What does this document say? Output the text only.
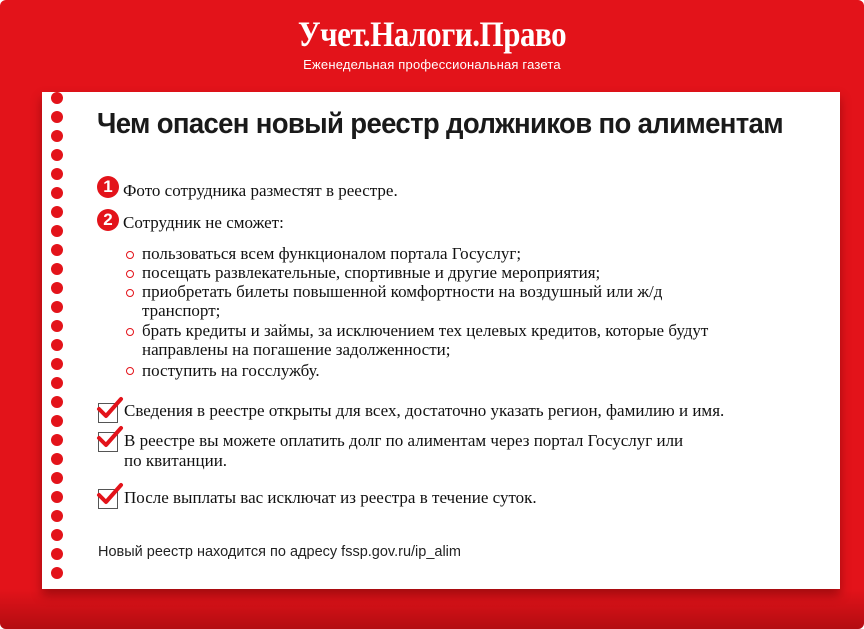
Учет.Налоги.Право
Еженедельная профессиональная газета
Чем опасен новый реестр должников по алиментам
1 Фото сотрудника разместят в реестре.
2 Сотрудник не сможет:
пользоваться всем функционалом портала Госуслуг;
посещать развлекательные, спортивные и другие мероприятия;
приобретать билеты повышенной комфортности на воздушный или ж/д
транспорт;
брать кредиты и займы, за исключением тех целевых кредитов, которые будут
направлены на погашение задолженности;
поступить на госслужбу.
Сведения в реестре открыты для всех, достаточно указать регион, фамилию и имя.
В реестре вы можете оплатить долг по алиментам через портал Госуслуг или
по квитанции.
После выплаты вас исключат из реестра в течение суток.
Новый реестр находится по адресу fssp.gov.ru/ip_alim
